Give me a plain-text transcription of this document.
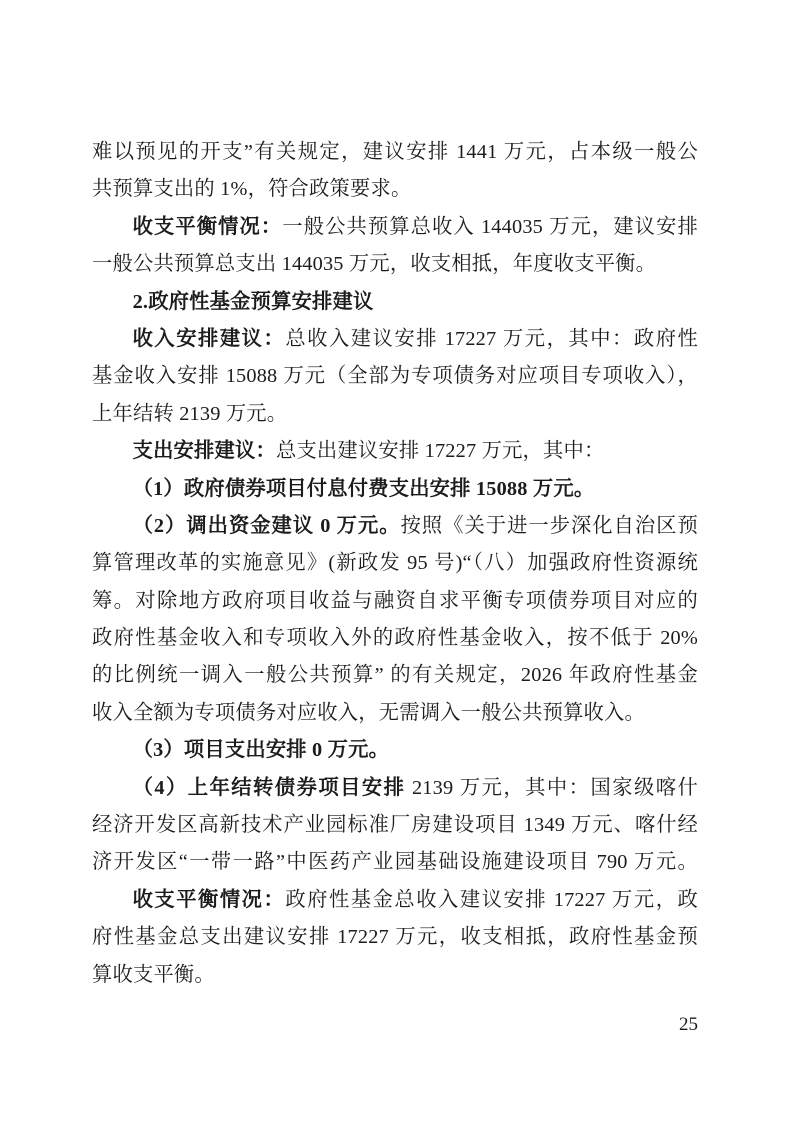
难以预见的开支”有关规定，建议安排 1441 万元，占本级一般公
共预算支出的 1%，符合政策要求。
收支平衡情况：一般公共预算总收入 144035 万元，建议安排
一般公共预算总支出 144035 万元，收支相抵，年度收支平衡。
2.政府性基金预算安排建议
收入安排建议：总收入建议安排 17227 万元，其中：政府性
基金收入安排 15088 万元（全部为专项债务对应项目专项收入），
上年结转 2139 万元。
支出安排建议：总支出建议安排 17227 万元，其中：
（1）政府债券项目付息付费支出安排 15088 万元。
（2）调出资金建议 0 万元。按照《关于进一步深化自治区预
算管理改革的实施意见》(新政发 95 号)“（八）加强政府性资源统
筹。对除地方政府项目收益与融资自求平衡专项债券项目对应的
政府性基金收入和专项收入外的政府性基金收入，按不低于 20%
的比例统一调入一般公共预算” 的有关规定，2026 年政府性基金
收入全额为专项债务对应收入，无需调入一般公共预算收入。
（3）项目支出安排 0 万元。
（4）上年结转债券项目安排 2139 万元，其中：国家级喀什
经济开发区高新技术产业园标准厂房建设项目 1349 万元、喀什经
济开发区“一带一路”中医药产业园基础设施建设项目 790 万元。
收支平衡情况：政府性基金总收入建议安排 17227 万元，政
府性基金总支出建议安排 17227 万元，收支相抵，政府性基金预
算收支平衡。
25
